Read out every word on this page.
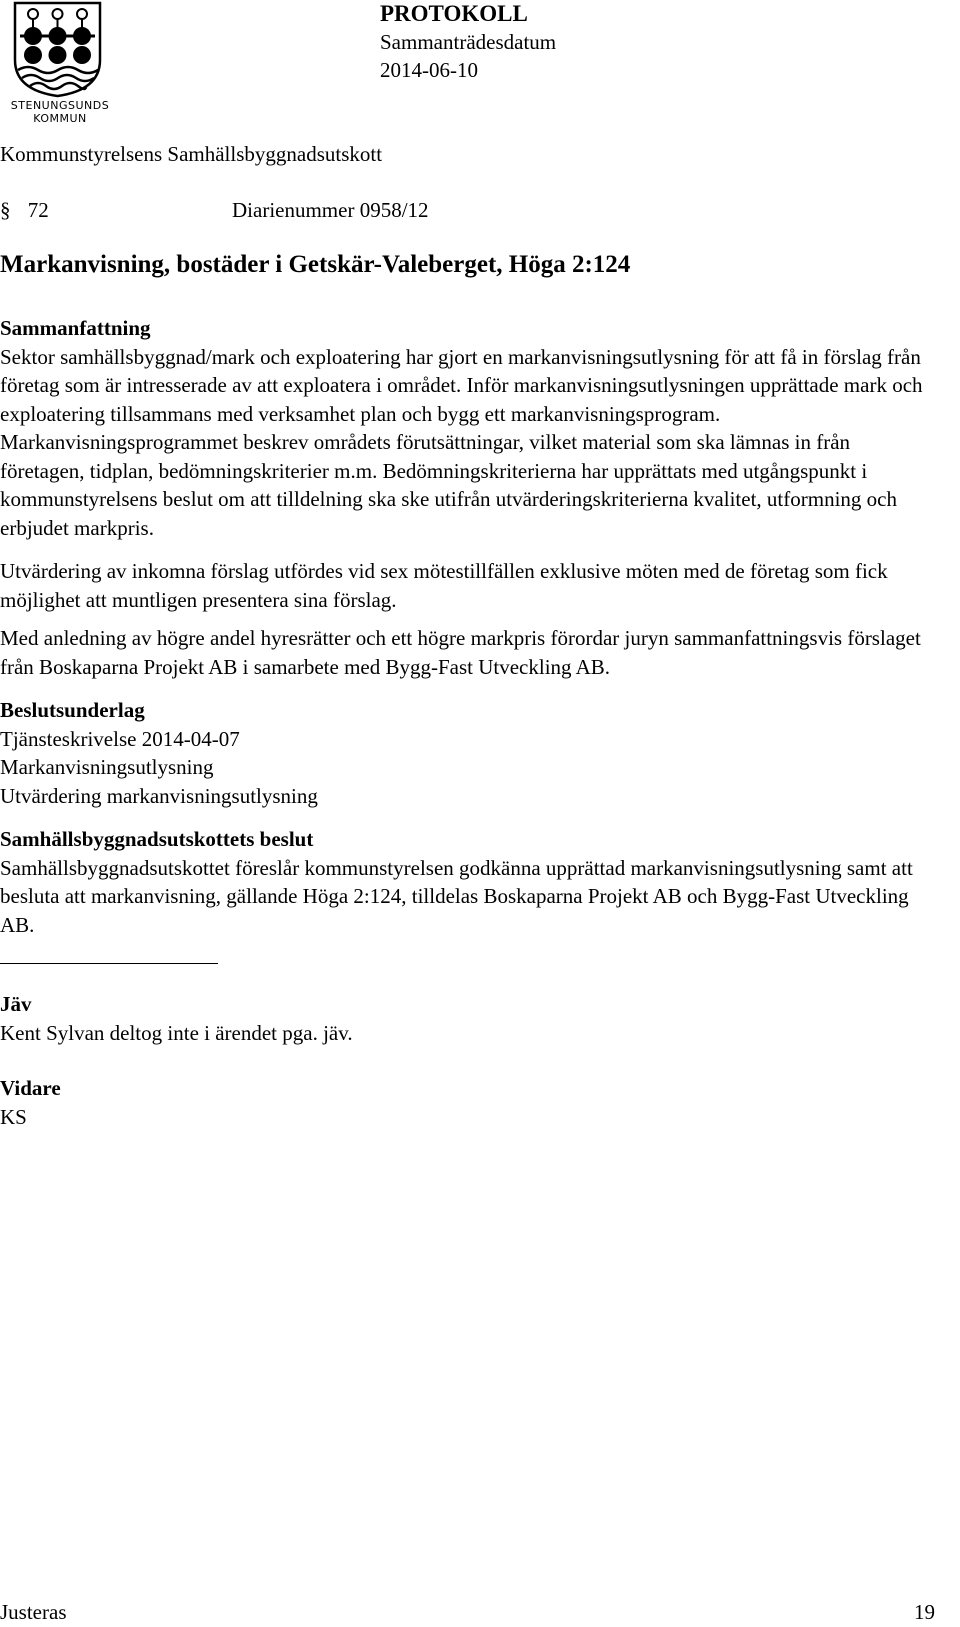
STENUNGSUNDS
KOMMUN
PROTOKOLL
Sammanträdesdatum
2014-06-10
Kommunstyrelsens Samhällsbyggnadsutskott
§ 72	Diarienummer 0958/12
Markanvisning, bostäder i Getskär-Valeberget, Höga 2:124

Sammanfattning

Sektor samhällsbyggnad/mark och exploatering har gjort en markanvisningsutlysning för att få in förslag från företag som är intresserade av att exploatera i området. Inför markanvisningsutlysningen upprättade mark och exploatering tillsammans med verksamhet plan och bygg ett markanvisningsprogram. Markanvisningsprogrammet beskrev områdets förutsättningar, vilket material som ska lämnas in från företagen, tidplan, bedömningskriterier m.m. Bedömningskriterierna har upprättats med utgångspunkt i kommunstyrelsens beslut om att tilldelning ska ske utifrån utvärderingskriterierna kvalitet, utformning och erbjudet markpris.

Utvärdering av inkomna förslag utfördes vid sex mötestillfällen exklusive möten med de företag som fick möjlighet att muntligen presentera sina förslag.

Med anledning av högre andel hyresrätter och ett högre markpris förordar juryn sammanfattningsvis förslaget från Boskaparna Projekt AB i samarbete med Bygg-Fast Utveckling AB.

Beslutsunderlag

Tjänsteskrivelse 2014-04-07

Markanvisningsutlysning

Utvärdering markanvisningsutlysning

Samhällsbyggnadsutskottets beslut

Samhällsbyggnadsutskottet föreslår kommunstyrelsen godkänna upprättad markanvisningsutlysning samt att besluta att markanvisning, gällande Höga 2:124, tilldelas Boskaparna Projekt AB och Bygg-Fast Utveckling AB.

Jäv

Kent Sylvan deltog inte i ärendet pga. jäv.

Vidare

KS

Justeras	19
